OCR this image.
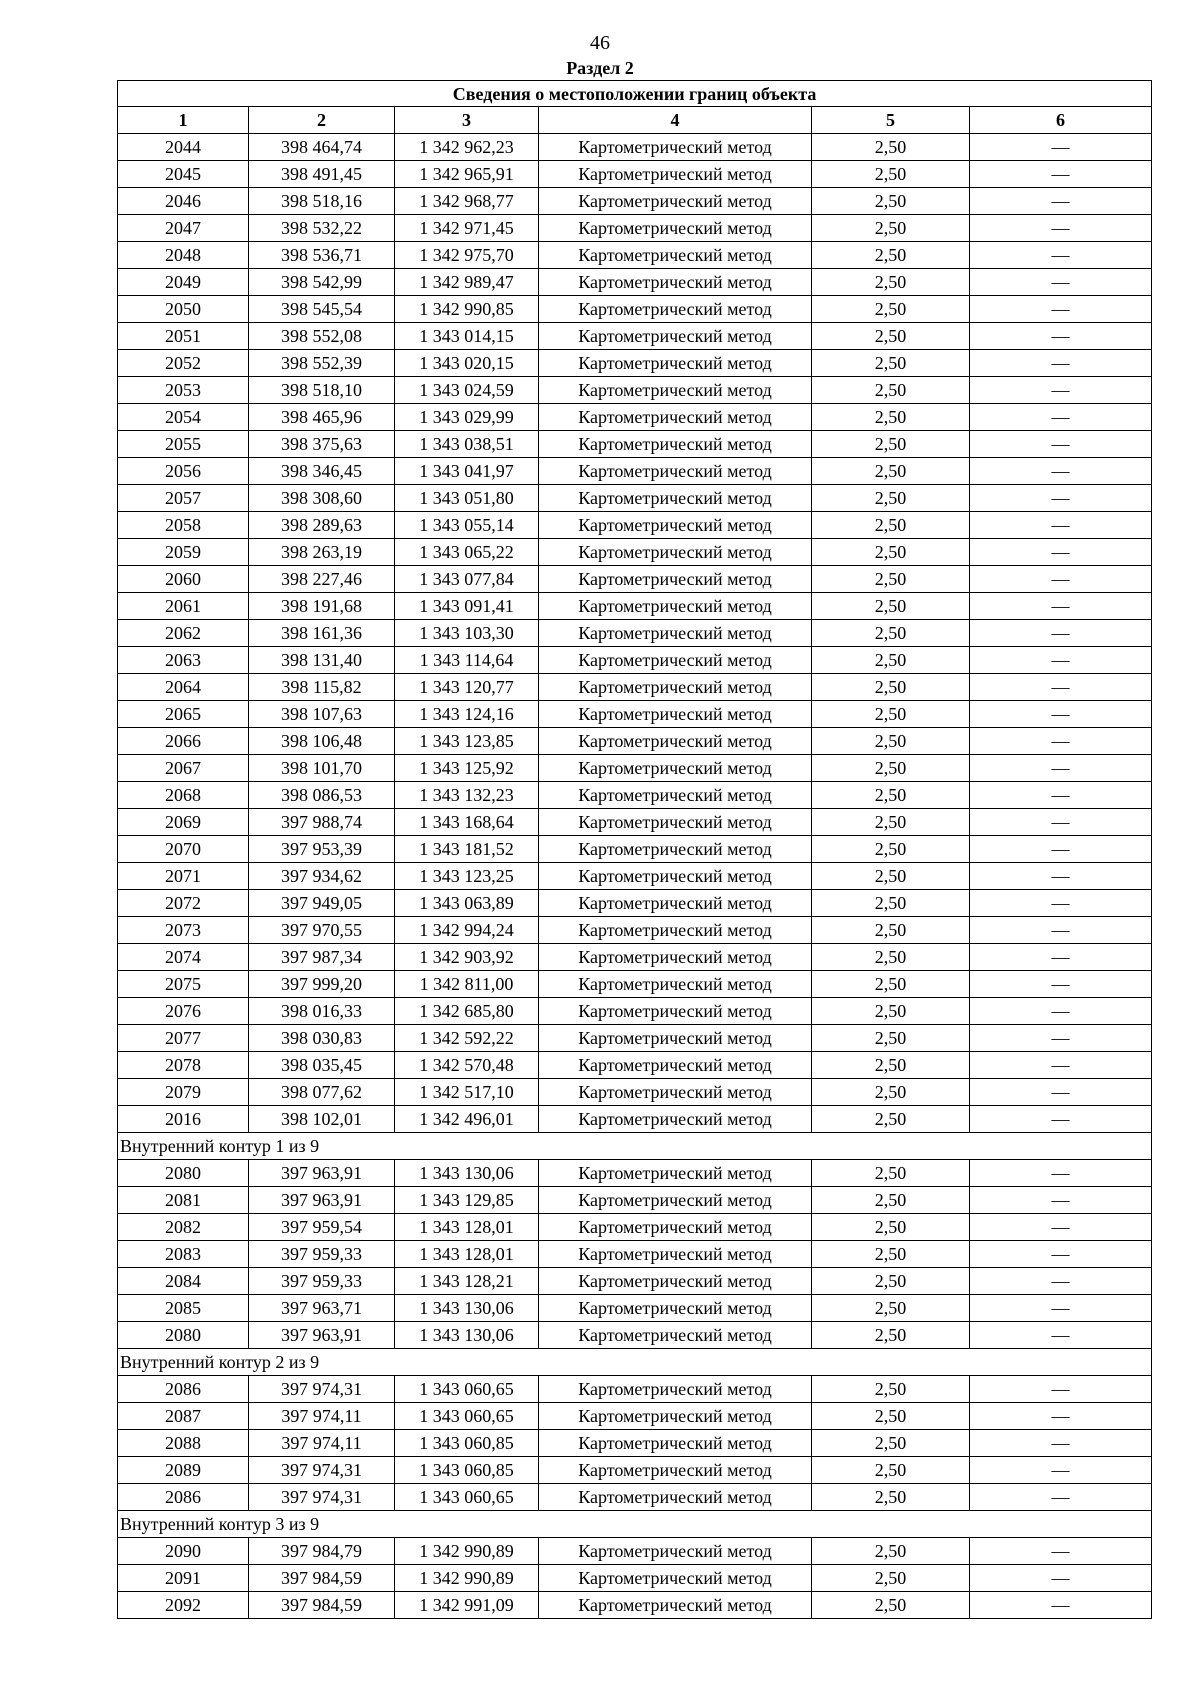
46
Раздел 2
Сведения о местоположении границ объекта					
1	2	3	4	5	6
2044	398 464,74	1 342 962,23	Картометрический метод	2,50	—
2045	398 491,45	1 342 965,91	Картометрический метод	2,50	—
2046	398 518,16	1 342 968,77	Картометрический метод	2,50	—
2047	398 532,22	1 342 971,45	Картометрический метод	2,50	—
2048	398 536,71	1 342 975,70	Картометрический метод	2,50	—
2049	398 542,99	1 342 989,47	Картометрический метод	2,50	—
2050	398 545,54	1 342 990,85	Картометрический метод	2,50	—
2051	398 552,08	1 343 014,15	Картометрический метод	2,50	—
2052	398 552,39	1 343 020,15	Картометрический метод	2,50	—
2053	398 518,10	1 343 024,59	Картометрический метод	2,50	—
2054	398 465,96	1 343 029,99	Картометрический метод	2,50	—
2055	398 375,63	1 343 038,51	Картометрический метод	2,50	—
2056	398 346,45	1 343 041,97	Картометрический метод	2,50	—
2057	398 308,60	1 343 051,80	Картометрический метод	2,50	—
2058	398 289,63	1 343 055,14	Картометрический метод	2,50	—
2059	398 263,19	1 343 065,22	Картометрический метод	2,50	—
2060	398 227,46	1 343 077,84	Картометрический метод	2,50	—
2061	398 191,68	1 343 091,41	Картометрический метод	2,50	—
2062	398 161,36	1 343 103,30	Картометрический метод	2,50	—
2063	398 131,40	1 343 114,64	Картометрический метод	2,50	—
2064	398 115,82	1 343 120,77	Картометрический метод	2,50	—
2065	398 107,63	1 343 124,16	Картометрический метод	2,50	—
2066	398 106,48	1 343 123,85	Картометрический метод	2,50	—
2067	398 101,70	1 343 125,92	Картометрический метод	2,50	—
2068	398 086,53	1 343 132,23	Картометрический метод	2,50	—
2069	397 988,74	1 343 168,64	Картометрический метод	2,50	—
2070	397 953,39	1 343 181,52	Картометрический метод	2,50	—
2071	397 934,62	1 343 123,25	Картометрический метод	2,50	—
2072	397 949,05	1 343 063,89	Картометрический метод	2,50	—
2073	397 970,55	1 342 994,24	Картометрический метод	2,50	—
2074	397 987,34	1 342 903,92	Картометрический метод	2,50	—
2075	397 999,20	1 342 811,00	Картометрический метод	2,50	—
2076	398 016,33	1 342 685,80	Картометрический метод	2,50	—
2077	398 030,83	1 342 592,22	Картометрический метод	2,50	—
2078	398 035,45	1 342 570,48	Картометрический метод	2,50	—
2079	398 077,62	1 342 517,10	Картометрический метод	2,50	—
2016	398 102,01	1 342 496,01	Картометрический метод	2,50	—
Внутренний контур 1 из 9					
2080	397 963,91	1 343 130,06	Картометрический метод	2,50	—
2081	397 963,91	1 343 129,85	Картометрический метод	2,50	—
2082	397 959,54	1 343 128,01	Картометрический метод	2,50	—
2083	397 959,33	1 343 128,01	Картометрический метод	2,50	—
2084	397 959,33	1 343 128,21	Картометрический метод	2,50	—
2085	397 963,71	1 343 130,06	Картометрический метод	2,50	—
2080	397 963,91	1 343 130,06	Картометрический метод	2,50	—
Внутренний контур 2 из 9					
2086	397 974,31	1 343 060,65	Картометрический метод	2,50	—
2087	397 974,11	1 343 060,65	Картометрический метод	2,50	—
2088	397 974,11	1 343 060,85	Картометрический метод	2,50	—
2089	397 974,31	1 343 060,85	Картометрический метод	2,50	—
2086	397 974,31	1 343 060,65	Картометрический метод	2,50	—
Внутренний контур 3 из 9					
2090	397 984,79	1 342 990,89	Картометрический метод	2,50	—
2091	397 984,59	1 342 990,89	Картометрический метод	2,50	—
2092	397 984,59	1 342 991,09	Картометрический метод	2,50	—
